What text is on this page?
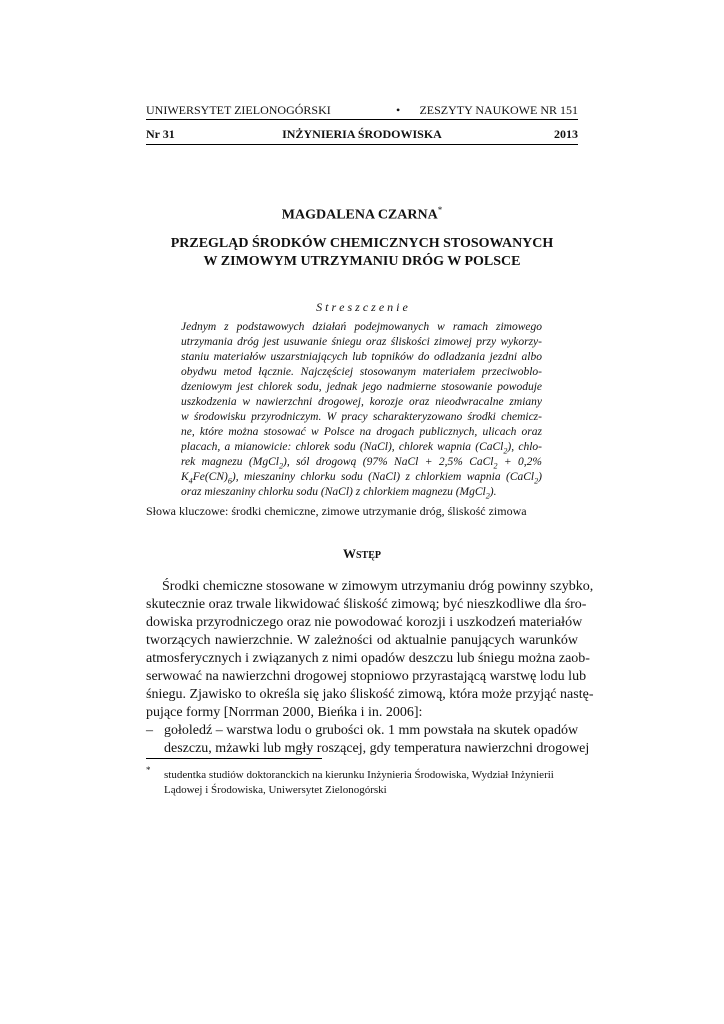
UNIWERSYTET ZIELONOGÓRSKI	• ZESZYTY NAUKOWE NR 151
Nr 31	INŻYNIERIA ŚRODOWISKA	2013
MAGDALENA CZARNA*
PRZEGLĄD ŚRODKÓW CHEMICZNYCH STOSOWANYCH
W ZIMOWYM UTRZYMANIU DRÓG W POLSCE
S t r e s z c z e n i e
Jednym z podstawowych działań podejmowanych w ramach zimowego
utrzymania dróg jest usuwanie śniegu oraz śliskości zimowej przy wykorzy-
staniu materiałów uszarstniających lub topników do odladzania jezdni albo
obydwu metod łącznie. Najczęściej stosowanym materiałem przeciwoblo-
dzeniowym jest chlorek sodu, jednak jego nadmierne stosowanie powoduje
uszkodzenia w nawierzchni drogowej, korozje oraz nieodwracalne zmiany
w środowisku przyrodniczym. W pracy scharakteryzowano środki chemicz-
ne, które można stosować w Polsce na drogach publicznych, ulicach oraz
placach, a mianowicie: chlorek sodu (NaCl), chlorek wapnia (CaCl$_2$), chlo-
rek magnezu (MgCl$_2$), sól drogową (97% NaCl + 2,5% CaCl$_2$ + 0,2%
$K_4Fe(CN)_6$), mieszaniny chlorku sodu (NaCl) z chlorkiem wapnia (CaCl$_2$)
oraz mieszaniny chlorku sodu (NaCl) z chlorkiem magnezu (MgCl$_2$).
Słowa kluczowe: środki chemiczne, zimowe utrzymanie dróg, śliskość zimowa
WSTĘP
Środki chemiczne stosowane w zimowym utrzymaniu dróg powinny szybko,
skutecznie oraz trwale likwidować śliskość zimową; być nieszkodliwe dla śro-
dowiska przyrodniczego oraz nie powodować korozji i uszkodzeń materiałów
tworzących nawierzchnie. W zależności od aktualnie panujących warunków
atmosferycznych i związanych z nimi opadów deszczu lub śniegu można zaob-
serwować na nawierzchni drogowej stopniowo przyrastającą warstwę lodu lub
śniegu. Zjawisko to określa się jako śliskość zimową, która może przyjąć nastę-
pujące formy [Norrman 2000, Bieńka i in. 2006]:
– gołoledź – warstwa lodu o grubości ok. 1 mm powstała na skutek opadów
deszczu, mżawki lub mgły roszącej, gdy temperatura nawierzchni drogowej
* studentka studiów doktoranckich na kierunku Inżynieria Środowiska, Wydział Inżynierii
Lądowej i Środowiska, Uniwersytet Zielonogórski
